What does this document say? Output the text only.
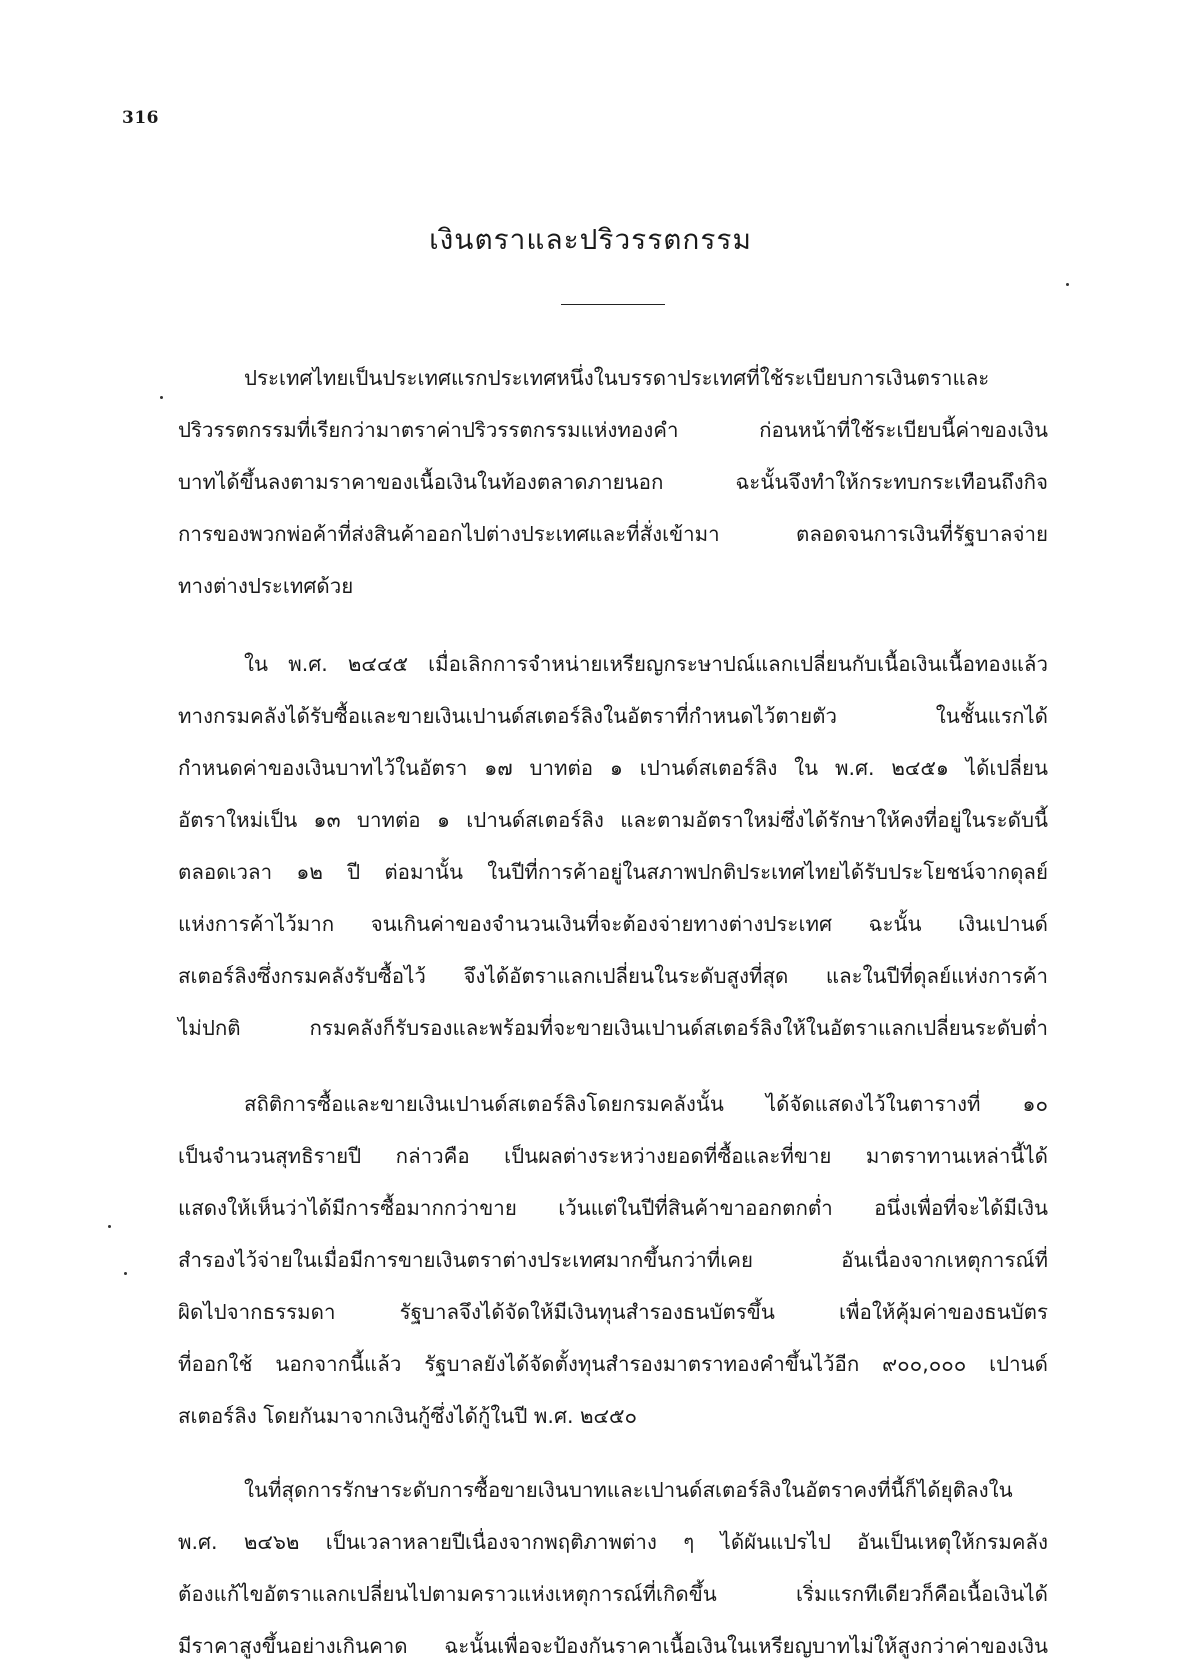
316
เงินตราและปริวรรตกรรม

ประเทศไทยเป็นประเทศแรกประเทศหนึ่งในบรรดาประเทศที่ใช้ระเบียบการเงินตราและ
ปริวรรตกรรมที่เรียกว่ามาตราค่าปริวรรตกรรมแห่งทองคำ ก่อนหน้าที่ใช้ระเบียบนี้ค่าของเงิน
บาทได้ขึ้นลงตามราคาของเนื้อเงินในท้องตลาดภายนอก ฉะนั้นจึงทำให้กระทบกระเทือนถึงกิจ
การของพวกพ่อค้าที่ส่งสินค้าออกไปต่างประเทศและที่สั่งเข้ามา ตลอดจนการเงินที่รัฐบาลจ่าย
ทางต่างประเทศด้วย

ใน พ.ศ. ๒๔๔๕ เมื่อเลิกการจำหน่ายเหรียญกระษาปณ์แลกเปลี่ยนกับเนื้อเงินเนื้อทองแล้ว
ทางกรมคลังได้รับซื้อและขายเงินเปานด์สเตอร์ลิงในอัตราที่กำหนดไว้ตายตัว ในชั้นแรกได้
กำหนดค่าของเงินบาทไว้ในอัตรา ๑๗ บาทต่อ ๑ เปานด์สเตอร์ลิง ใน พ.ศ. ๒๔๕๑ ได้เปลี่ยน
อัตราใหม่เป็น ๑๓ บาทต่อ ๑ เปานด์สเตอร์ลิง และตามอัตราใหม่ซึ่งได้รักษาให้คงที่อยู่ในระดับนี้
ตลอดเวลา ๑๒ ปี ต่อมานั้น ในปีที่การค้าอยู่ในสภาพปกติประเทศไทยได้รับประโยชน์จากดุลย์
แห่งการค้าไว้มาก จนเกินค่าของจำนวนเงินที่จะต้องจ่ายทางต่างประเทศ ฉะนั้น เงินเปานด์
สเตอร์ลิงซึ่งกรมคลังรับซื้อไว้ จึงได้อัตราแลกเปลี่ยนในระดับสูงที่สุด และในปีที่ดุลย์แห่งการค้า
ไม่ปกติ กรมคลังก็รับรองและพร้อมที่จะขายเงินเปานด์สเตอร์ลิงให้ในอัตราแลกเปลี่ยนระดับต่ำ

สถิติการซื้อและขายเงินเปานด์สเตอร์ลิงโดยกรมคลังนั้น ได้จัดแสดงไว้ในตารางที่ ๑๐
เป็นจำนวนสุทธิรายปี กล่าวคือ เป็นผลต่างระหว่างยอดที่ซื้อและที่ขาย มาตราทานเหล่านี้ได้
แสดงให้เห็นว่าได้มีการซื้อมากกว่าขาย เว้นแต่ในปีที่สินค้าขาออกตกต่ำ อนึ่งเพื่อที่จะได้มีเงิน
สำรองไว้จ่ายในเมื่อมีการขายเงินตราต่างประเทศมากขึ้นกว่าที่เคย อันเนื่องจากเหตุการณ์ที่
ผิดไปจากธรรมดา รัฐบาลจึงได้จัดให้มีเงินทุนสำรองธนบัตรขึ้น เพื่อให้คุ้มค่าของธนบัตร
ที่ออกใช้ นอกจากนี้แล้ว รัฐบาลยังได้จัดตั้งทุนสำรองมาตราทองคำขึ้นไว้อีก ๙๐๐,๐๐๐ เปานด์
สเตอร์ลิง โดยกันมาจากเงินกู้ซึ่งได้กู้ในปี พ.ศ. ๒๔๕๐

ในที่สุดการรักษาระดับการซื้อขายเงินบาทและเปานด์สเตอร์ลิงในอัตราคงที่นี้ก็ได้ยุติลงใน
พ.ศ. ๒๔๖๒ เป็นเวลาหลายปีเนื่องจากพฤติภาพต่าง ๆ ได้ผันแปรไป อันเป็นเหตุให้กรมคลัง
ต้องแก้ไขอัตราแลกเปลี่ยนไปตามคราวแห่งเหตุการณ์ที่เกิดขึ้น เริ่มแรกทีเดียวก็คือเนื้อเงินได้
มีราคาสูงขึ้นอย่างเกินคาด ฉะนั้นเพื่อจะป้องกันราคาเนื้อเงินในเหรียญบาทไม่ให้สูงกว่าค่าของเงิน
